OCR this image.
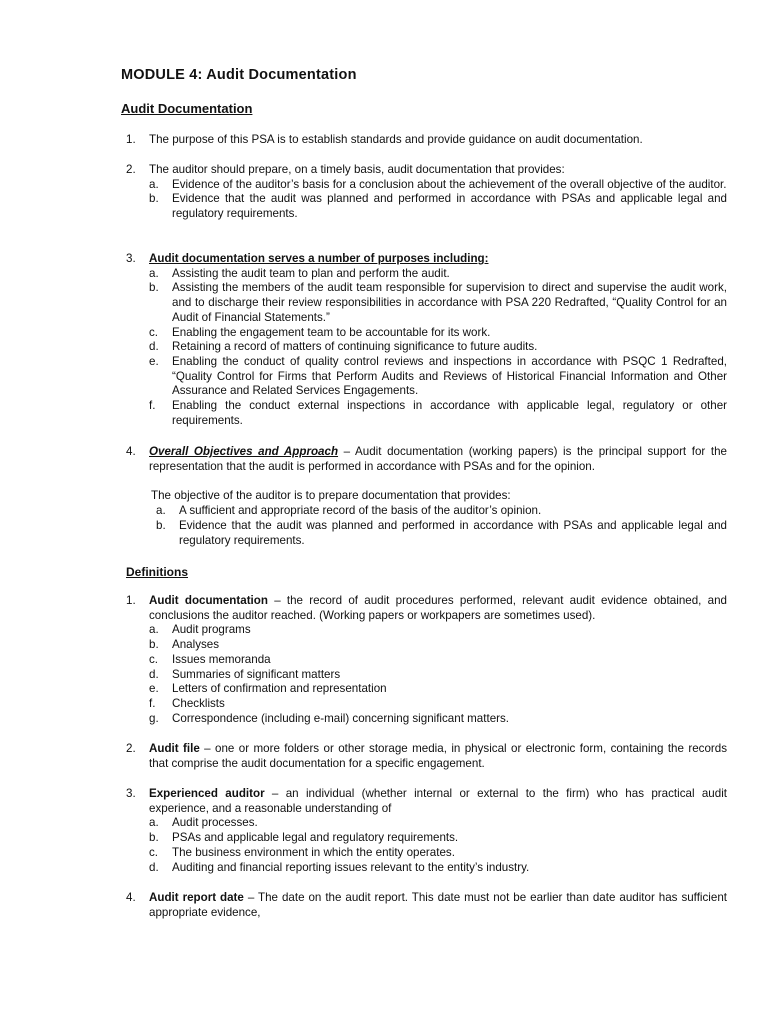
MODULE 4: Audit Documentation
Audit Documentation
1. The purpose of this PSA is to establish standards and provide guidance on audit documentation.
2. The auditor should prepare, on a timely basis, audit documentation that provides:
a. Evidence of the auditor’s basis for a conclusion about the achievement of the overall objective of the auditor.
b. Evidence that the audit was planned and performed in accordance with PSAs and applicable legal and regulatory requirements.
3. Audit documentation serves a number of purposes including:
a. Assisting the audit team to plan and perform the audit.
b. Assisting the members of the audit team responsible for supervision to direct and supervise the audit work, and to discharge their review responsibilities in accordance with PSA 220 Redrafted, “Quality Control for an Audit of Financial Statements.”
c. Enabling the engagement team to be accountable for its work.
d. Retaining a record of matters of continuing significance to future audits.
e. Enabling the conduct of quality control reviews and inspections in accordance with PSQC 1 Redrafted, “Quality Control for Firms that Perform Audits and Reviews of Historical Financial Information and Other Assurance and Related Services Engagements.
f. Enabling the conduct external inspections in accordance with applicable legal, regulatory or other requirements.
4. Overall Objectives and Approach – Audit documentation (working papers) is the principal support for the representation that the audit is performed in accordance with PSAs and for the opinion.
The objective of the auditor is to prepare documentation that provides:
a. A sufficient and appropriate record of the basis of the auditor’s opinion.
b. Evidence that the audit was planned and performed in accordance with PSAs and applicable legal and regulatory requirements.
Definitions
1. Audit documentation – the record of audit procedures performed, relevant audit evidence obtained, and conclusions the auditor reached. (Working papers or workpapers are sometimes used).
a. Audit programs
b. Analyses
c. Issues memoranda
d. Summaries of significant matters
e. Letters of confirmation and representation
f. Checklists
g. Correspondence (including e-mail) concerning significant matters.
2. Audit file – one or more folders or other storage media, in physical or electronic form, containing the records that comprise the audit documentation for a specific engagement.
3. Experienced auditor – an individual (whether internal or external to the firm) who has practical audit experience, and a reasonable understanding of
a. Audit processes.
b. PSAs and applicable legal and regulatory requirements.
c. The business environment in which the entity operates.
d. Auditing and financial reporting issues relevant to the entity’s industry.
4. Audit report date – The date on the audit report. This date must not be earlier than date auditor has sufficient appropriate evidence,
